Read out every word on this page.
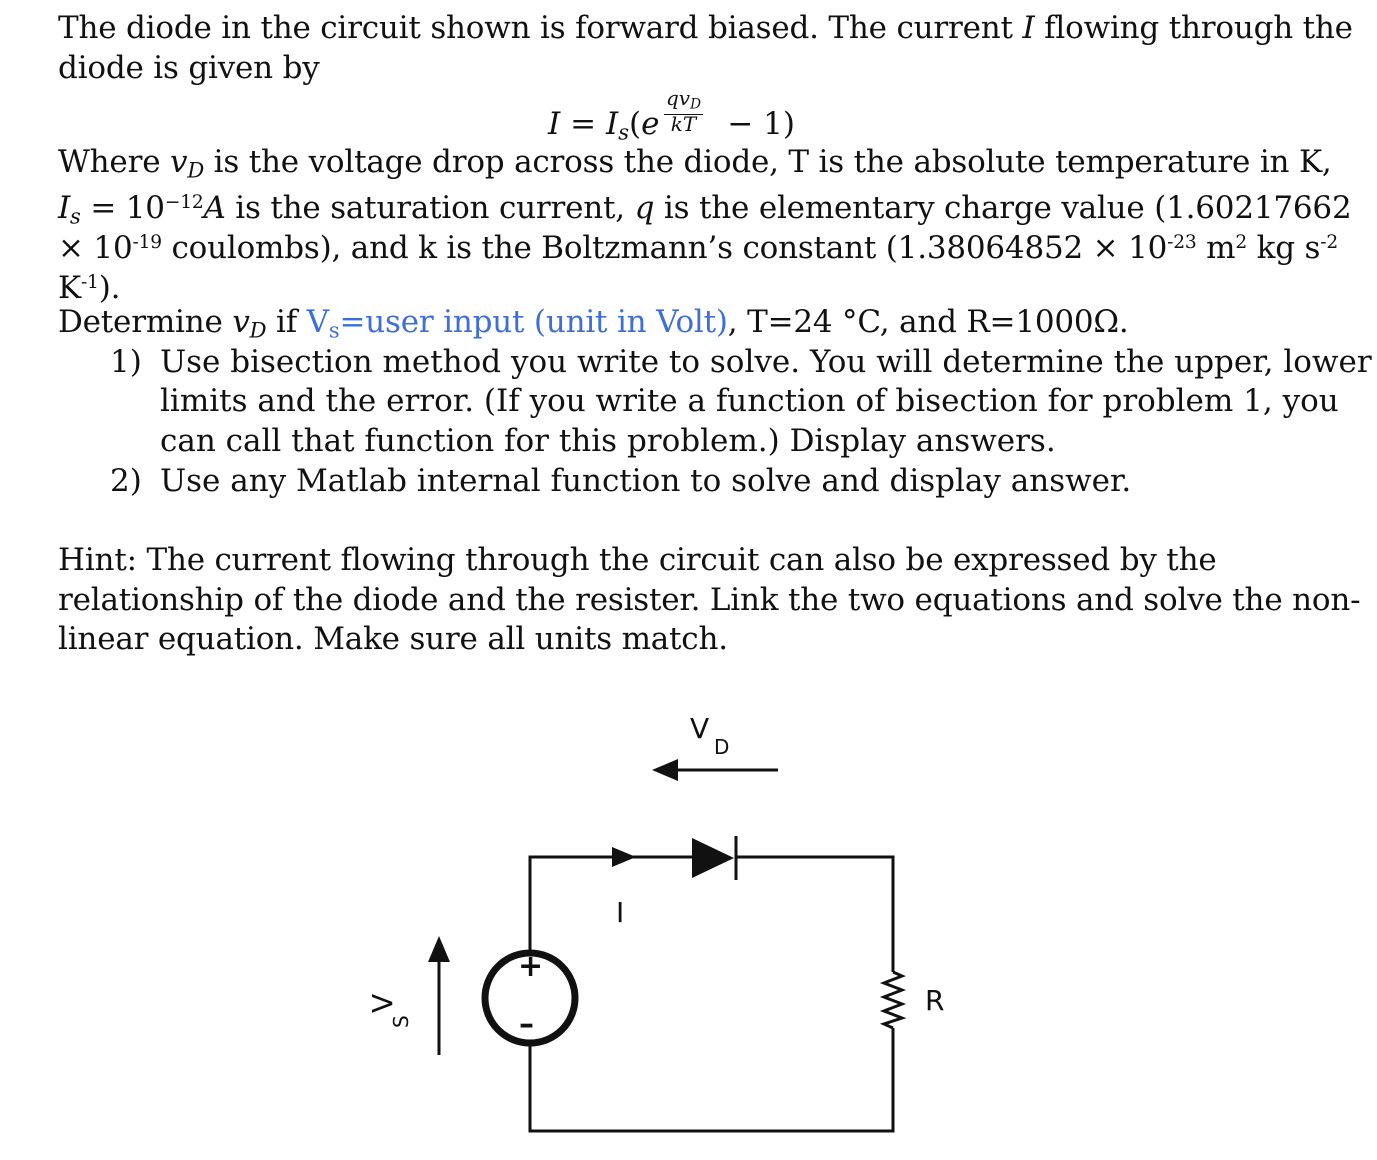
The diode in the circuit shown is forward biased. The current I flowing through the
diode is given by
$I = I_s(e - 1)$
$qv_D$
kT
Where $v_D$ is the voltage drop across the diode, T is the absolute temperature in K,
$I_s = 10^{-12}A$ is the saturation current, q is the elementary charge value (1.60217662
× $10^{-19}$ coulombs), and k is the Boltzmann’s constant ($1.38064852 \times 10^{-23}$ $m^2$ kg $s^{-2}$
$K^{-1}$).
Determine $v_D$ if $V_s=user$ input (unit in Volt), T=24 °C, and R=1000Ω.
1) Use bisection method you write to solve. You will determine the upper, lower
limits and the error. (If you write a function of bisection for problem 1, you
can call that function for this problem.) Display answers.
2) Use any Matlab internal function to solve and display answer.
Hint: The current flowing through the circuit can also be expressed by the
relationship of the diode and the resister. Link the two equations and solve the non-
linear equation. Make sure all units match.
V
D
I
+
–
V
S
R
